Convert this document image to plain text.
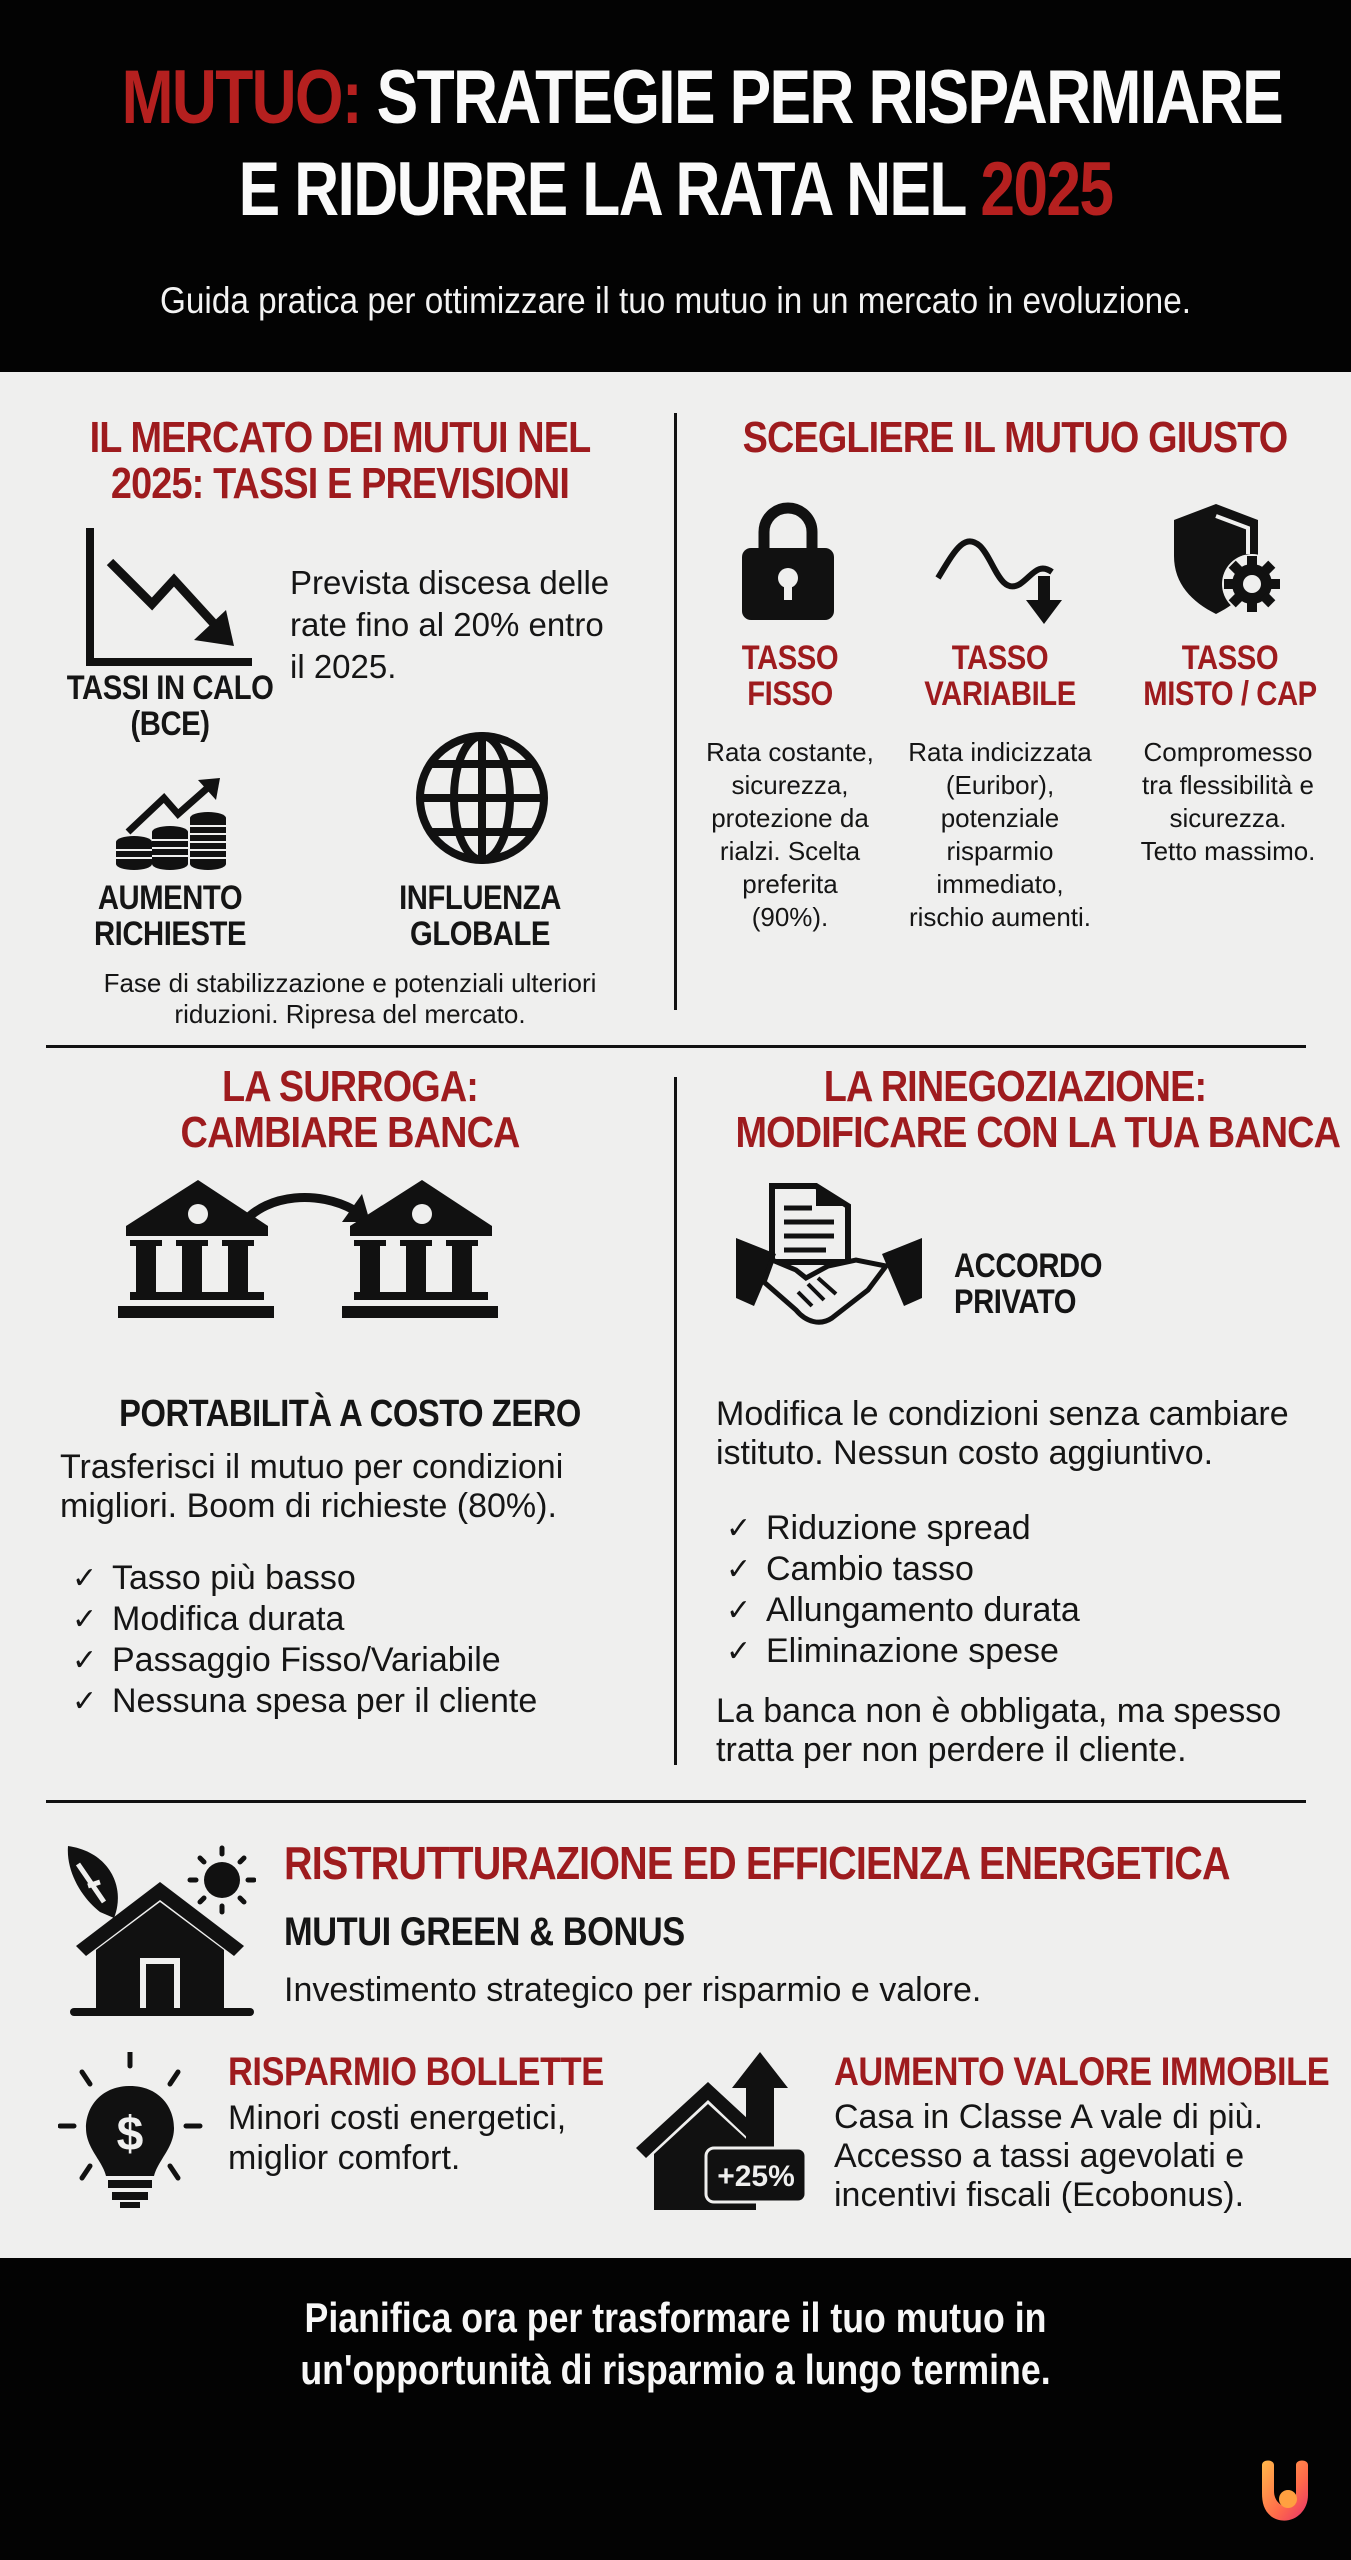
MUTUO: STRATEGIE PER RISPARMIARE
E RIDURRE LA RATA NEL 2025
Guida pratica per ottimizzare il tuo mutuo in un mercato in evoluzione.
IL MERCATO DEI MUTUI NEL
2025: TASSI E PREVISIONI
TASSI IN CALO
(BCE)
Prevista discesa delle
rate fino al 20% entro
il 2025.
AUMENTO
RICHIESTE
INFLUENZA
GLOBALE
Fase di stabilizzazione e potenziali ulteriori
riduzioni. Ripresa del mercato.
SCEGLIERE IL MUTUO GIUSTO
TASSO
FISSO
Rata costante,
sicurezza,
protezione da
rialzi. Scelta
preferita
(90%).
TASSO
VARIABILE
Rata indicizzata
(Euribor),
potenziale
risparmio
immediato,
rischio aumenti.
TASSO
MISTO / CAP
Compromesso
tra flessibilità e
sicurezza.
Tetto massimo.
LA SURROGA:
CAMBIARE BANCA
PORTABILITÀ A COSTO ZERO
Trasferisci il mutuo per condizioni
migliori. Boom di richieste (80%).
✓ Tasso più basso
✓ Modifica durata
✓ Passaggio Fisso/Variabile
✓ Nessuna spesa per il cliente
LA RINEGOZIAZIONE:
MODIFICARE CON LA TUA BANCA
ACCORDO
PRIVATO
Modifica le condizioni senza cambiare
istituto. Nessun costo aggiuntivo.
✓ Riduzione spread
✓ Cambio tasso
✓ Allungamento durata
✓ Eliminazione spese
La banca non è obbligata, ma spesso
tratta per non perdere il cliente.
RISTRUTTURAZIONE ED EFFICIENZA ENERGETICA
MUTUI GREEN & BONUS
Investimento strategico per risparmio e valore.
$
RISPARMIO BOLLETTE
Minori costi energetici,
miglior comfort.	+25%
AUMENTO VALORE IMMOBILE
Casa in Classe A vale di più.
Accesso a tassi agevolati e
incentivi fiscali (Ecobonus).
Pianifica ora per trasformare il tuo mutuo in
un'opportunità di risparmio a lungo termine.
